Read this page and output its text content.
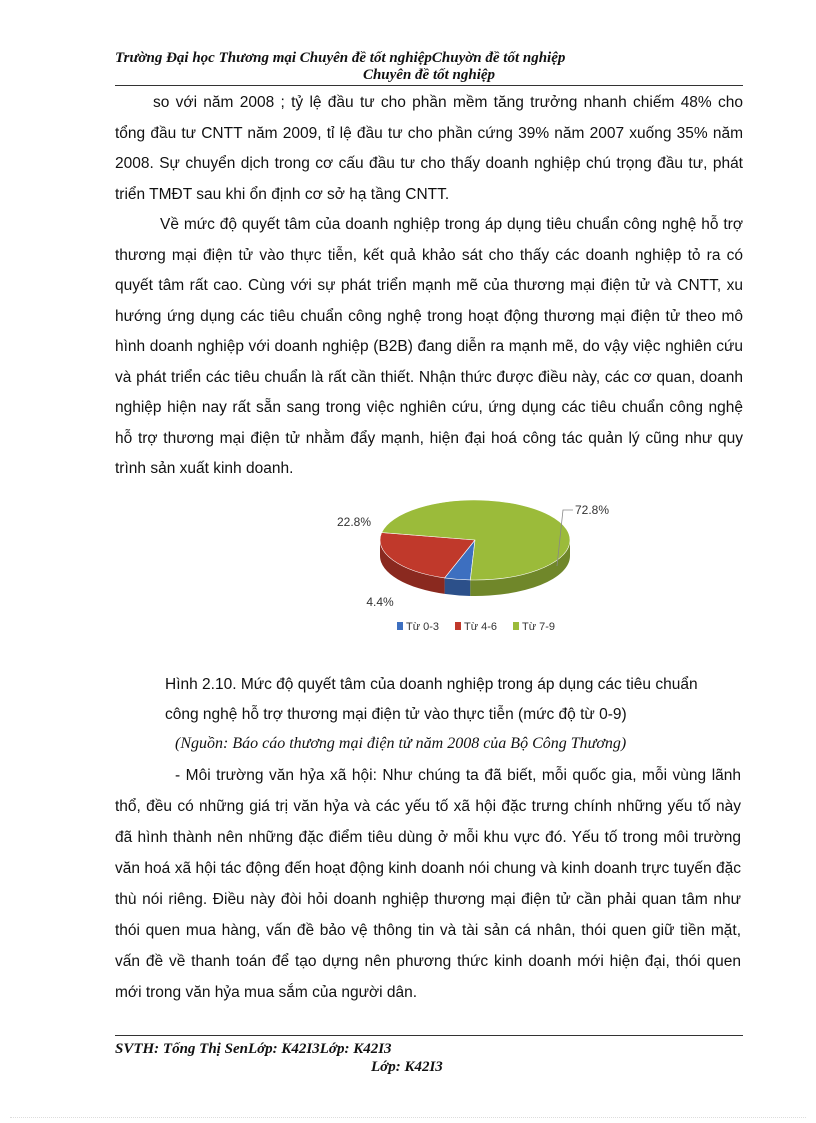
Trường Đại học Thương mại Chuyên đề tốt nghiệpChuyờn đề tốt nghiệp
Chuyên đề tốt nghiệp

so với năm 2008 ; tỷ lệ đầu tư cho phần mềm tăng trưởng nhanh chiếm 48% cho tổng đầu tư CNTT năm 2009, tỉ lệ đầu tư cho phần cứng 39% năm 2007 xuống 35% năm 2008. Sự chuyển dịch trong cơ cấu đầu tư cho thấy doanh nghiệp chú trọng đầu tư, phát triển TMĐT sau khi ổn định cơ sở hạ tầng CNTT.

Về mức độ quyết tâm của doanh nghiệp trong áp dụng tiêu chuẩn công nghệ hỗ trợ thương mại điện tử vào thực tiễn, kết quả khảo sát cho thấy các doanh nghiệp tỏ ra có quyết tâm rất cao. Cùng với sự phát triển mạnh mẽ của thương mại điện tử và CNTT, xu hướng ứng dụng các tiêu chuẩn công nghệ trong hoạt động thương mại điện tử theo mô hình doanh nghiệp với doanh nghiệp (B2B) đang diễn ra mạnh mẽ, do vậy việc nghiên cứu và phát triển các tiêu chuẩn là rất cần thiết. Nhận thức được điều này, các cơ quan, doanh nghiệp hiện nay rất sẵn sang trong việc nghiên cứu, ứng dụng các tiêu chuẩn công nghệ hỗ trợ thương mại điện tử nhằm đẩy mạnh, hiện đại hoá công tác quản lý cũng như quy trình sản xuất kinh doanh.

4.4%
22.8%
72.8%
Từ 0-3 Từ 4-6 Từ 7-9
Hình 2.10. Mức độ quyết tâm của doanh nghiệp trong áp dụng các tiêu chuẩn
công nghệ hỗ trợ thương mại điện tử vào thực tiễn (mức độ từ 0-9)
(Nguồn: Báo cáo thương mại điện tử năm 2008 của Bộ Công Thương)

- Môi trường văn hỷa xã hội: Như chúng ta đã biết, mỗi quốc gia, mỗi vùng lãnh thổ, đều có những giá trị văn hỷa và các yếu tố xã hội đặc trưng chính những yếu tố này đã hình thành nên những đặc điểm tiêu dùng ở mỗi khu vực đó. Yếu tố trong môi trường văn hoá xã hội tác động đến hoạt động kinh doanh nói chung và kinh doanh trực tuyến đặc thù nói riêng. Điều này đòi hỏi doanh nghiệp thương mại điện tử cần phải quan tâm như thói quen mua hàng, vấn đề bảo vệ thông tin và tài sản cá nhân, thói quen giữ tiền mặt, vấn đề về thanh toán để tạo dựng nên phương thức kinh doanh mới hiện đại, thói quen mới trong văn hỷa mua sắm của người dân.

SVTH: Tống Thị SenLớp: K42I3Lớp: K42I3
Lớp: K42I3
